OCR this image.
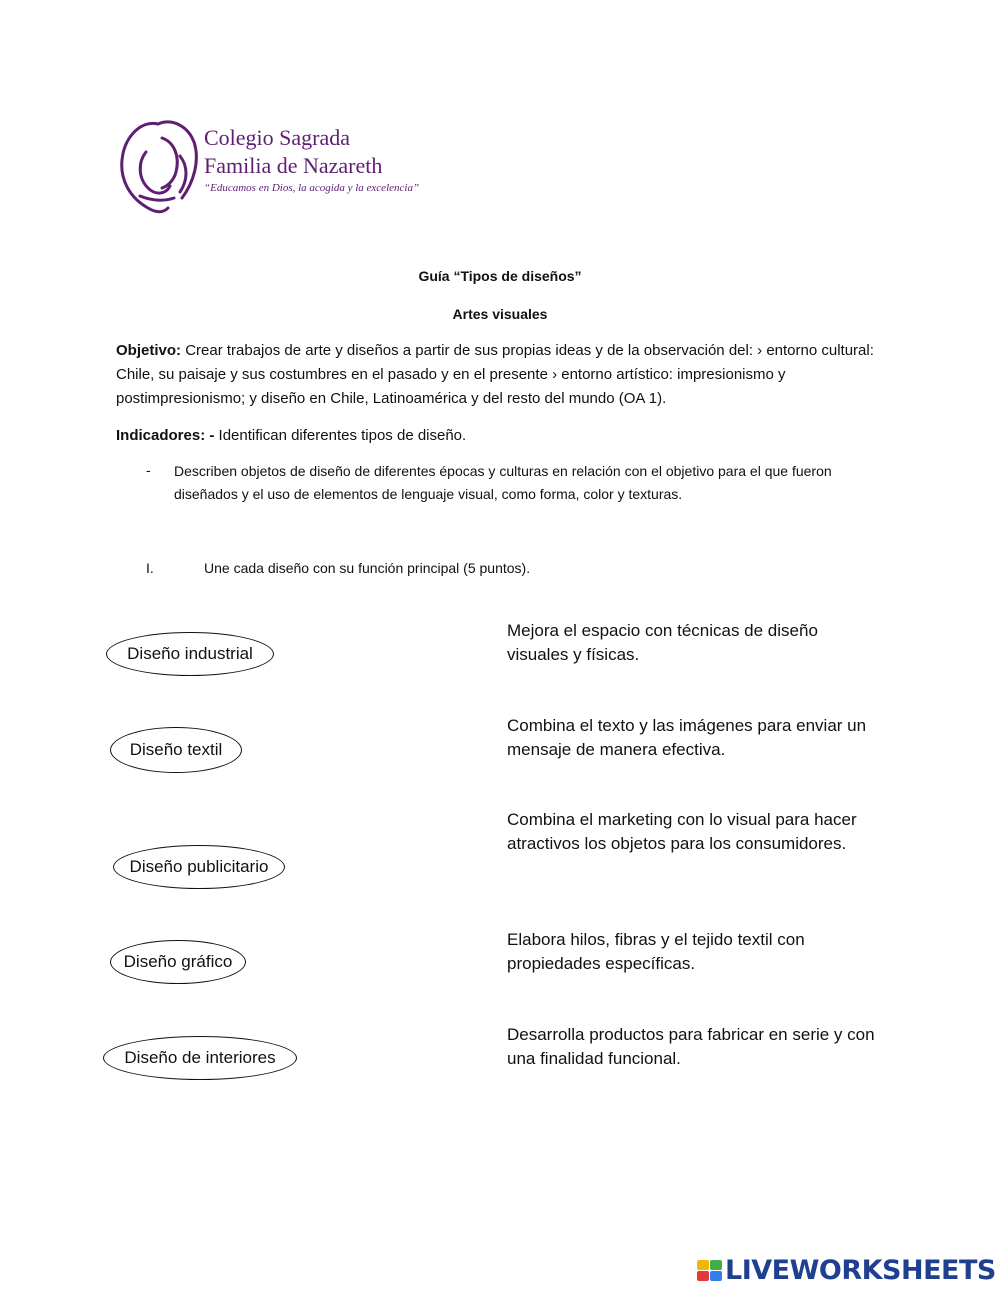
Colegio Sagrada
Familia de Nazareth
“Educamos en Dios, la acogida y la excelencia”
Guía “Tipos de diseños”
Artes visuales
Objetivo: Crear trabajos de arte y diseños a partir de sus propias ideas y de la observación del: › entorno cultural: Chile, su paisaje y sus costumbres en el pasado y en el presente › entorno artístico: impresionismo y postimpresionismo; y diseño en Chile, Latinoamérica y del resto del mundo (OA 1).
Indicadores: - Identifican diferentes tipos de diseño.
- Describen objetos de diseño de diferentes épocas y culturas en relación con el objetivo para el que fueron diseñados y el uso de elementos de lenguaje visual, como forma, color y texturas.
I.	Une cada diseño con su función principal (5 puntos).
Diseño industrial
Diseño textil
Diseño publicitario
Diseño gráfico
Diseño de interiores
Mejora el espacio con técnicas de diseño visuales y físicas.
Combina el texto y las imágenes para enviar un mensaje de manera efectiva.
Combina el marketing con lo visual para hacer atractivos los objetos para los consumidores.
Elabora hilos, fibras y el tejido textil con propiedades específicas.
Desarrolla productos para fabricar en serie y con una finalidad funcional.
LIVEWORKSHEETS
